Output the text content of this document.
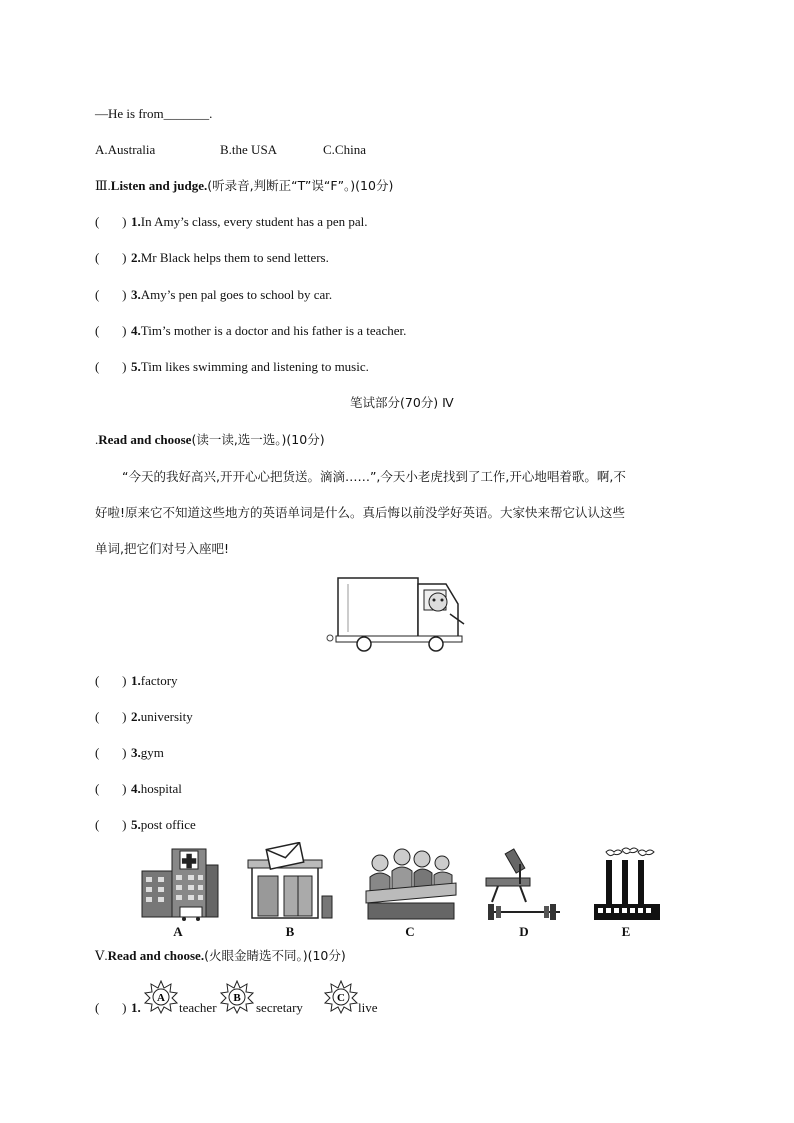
—He is from_______.
A.Australia	B.the USA	C.China
Ⅲ.Listen and judge.(听录音,判断正“T”误“F”。)(10分)
(       ) 1.In Amy’s class, every student has a pen pal.
(       ) 2.Mr Black helps them to send letters.
(       ) 3.Amy’s pen pal goes to school by car.
(       ) 4.Tim’s mother is a doctor and his father is a teacher.
(       ) 5.Tim likes swimming and listening to music.
笔试部分(70分) Ⅳ
.Read and choose(读一读,选一选。)(10分)
“今天的我好高兴,开开心心把货送。滴滴……”,今天小老虎找到了工作,开心地唱着歌。啊,不
好啦!原来它不知道这些地方的英语单词是什么。真后悔以前没学好英语。大家快来帮它认认这些
单词,把它们对号入座吧!
(       ) 1.factory
(       ) 2.university
(       ) 3.gym
(       ) 4.hospital
(       ) 5.post office
A	B	C	D	E
Ⅴ.Read and choose.(火眼金睛选不同。)(10分)
(       ) 1.
A
teacher
B
secretary
C
live
